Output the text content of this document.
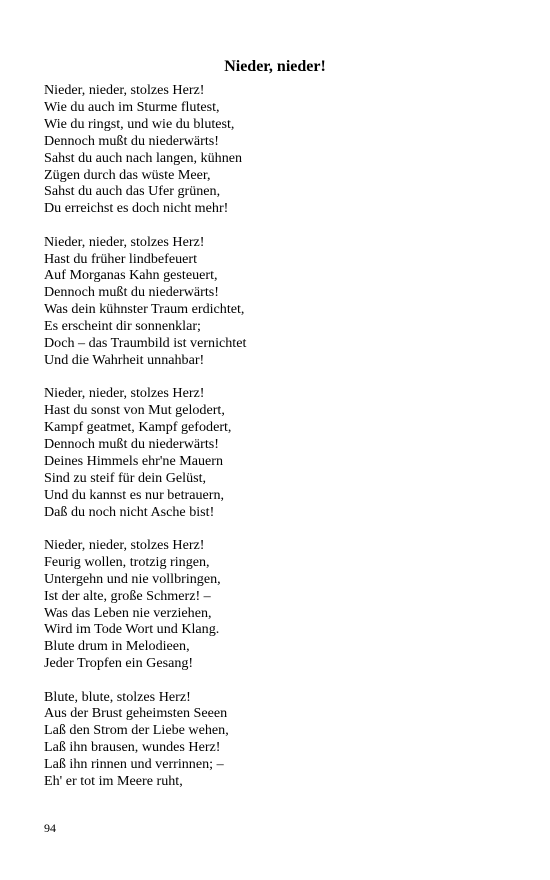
Nieder, nieder!
Nieder, nieder, stolzes Herz!
Wie du auch im Sturme flutest,
Wie du ringst, und wie du blutest,
Dennoch mußt du niederwärts!
Sahst du auch nach langen, kühnen
Zügen durch das wüste Meer,
Sahst du auch das Ufer grünen,
Du erreichst es doch nicht mehr!
Nieder, nieder, stolzes Herz!
Hast du früher lindbefeuert
Auf Morganas Kahn gesteuert,
Dennoch mußt du niederwärts!
Was dein kühnster Traum erdichtet,
Es erscheint dir sonnenklar;
Doch – das Traumbild ist vernichtet
Und die Wahrheit unnahbar!
Nieder, nieder, stolzes Herz!
Hast du sonst von Mut gelodert,
Kampf geatmet, Kampf gefodert,
Dennoch mußt du niederwärts!
Deines Himmels ehr'ne Mauern
Sind zu steif für dein Gelüst,
Und du kannst es nur betrauern,
Daß du noch nicht Asche bist!
Nieder, nieder, stolzes Herz!
Feurig wollen, trotzig ringen,
Untergehn und nie vollbringen,
Ist der alte, große Schmerz! –
Was das Leben nie verziehen,
Wird im Tode Wort und Klang.
Blute drum in Melodieen,
Jeder Tropfen ein Gesang!
Blute, blute, stolzes Herz!
Aus der Brust geheimsten Seeen
Laß den Strom der Liebe wehen,
Laß ihn brausen, wundes Herz!
Laß ihn rinnen und verrinnen; –
Eh' er tot im Meere ruht,
94
